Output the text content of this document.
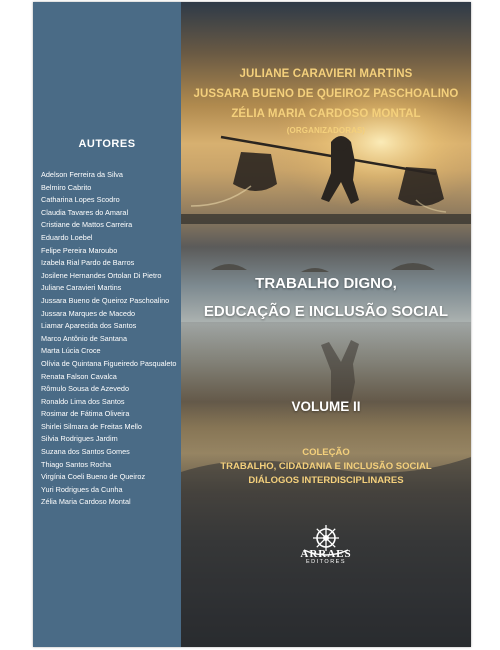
AUTORES
Adelson Ferreira da Silva
Belmiro Cabrito
Catharina Lopes Scodro
Claudia Tavares do Amaral
Cristiane de Mattos Carreira
Eduardo Loebel
Felipe Pereira Maroubo
Izabela Rial Pardo de Barros
Josilene Hernandes Ortolan Di Pietro
Juliane Caravieri Martins
Jussara Bueno de Queiroz Paschoalino
Jussara Marques de Macedo
Liamar Aparecida dos Santos
Marco Antônio de Santana
Marta Lúcia Croce
Olívia de Quintana Figueiredo Pasqualeto
Renata Falson Cavalca
Rômulo Sousa de Azevedo
Ronaldo Lima dos Santos
Rosimar de Fátima Oliveira
Shirlei Silmara de Freitas Mello
Silvia Rodrigues Jardim
Suzana dos Santos Gomes
Thiago Santos Rocha
Virgínia Coeli Bueno de Queiroz
Yuri Rodrigues da Cunha
Zélia Maria Cardoso Montal
JULIANE CARAVIERI MARTINS
JUSSARA BUENO DE QUEIROZ PASCHOALINO
ZÉLIA MARIA CARDOSO MONTAL
(ORGANIZADORAS)
TRABALHO DIGNO,
EDUCAÇÃO E INCLUSÃO SOCIAL
VOLUME II
COLEÇÃO
TRABALHO, CIDADANIA E INCLUSÃO SOCIAL
DIÁLOGOS INTERDISCIPLINARES
ARRAES
EDITORES
